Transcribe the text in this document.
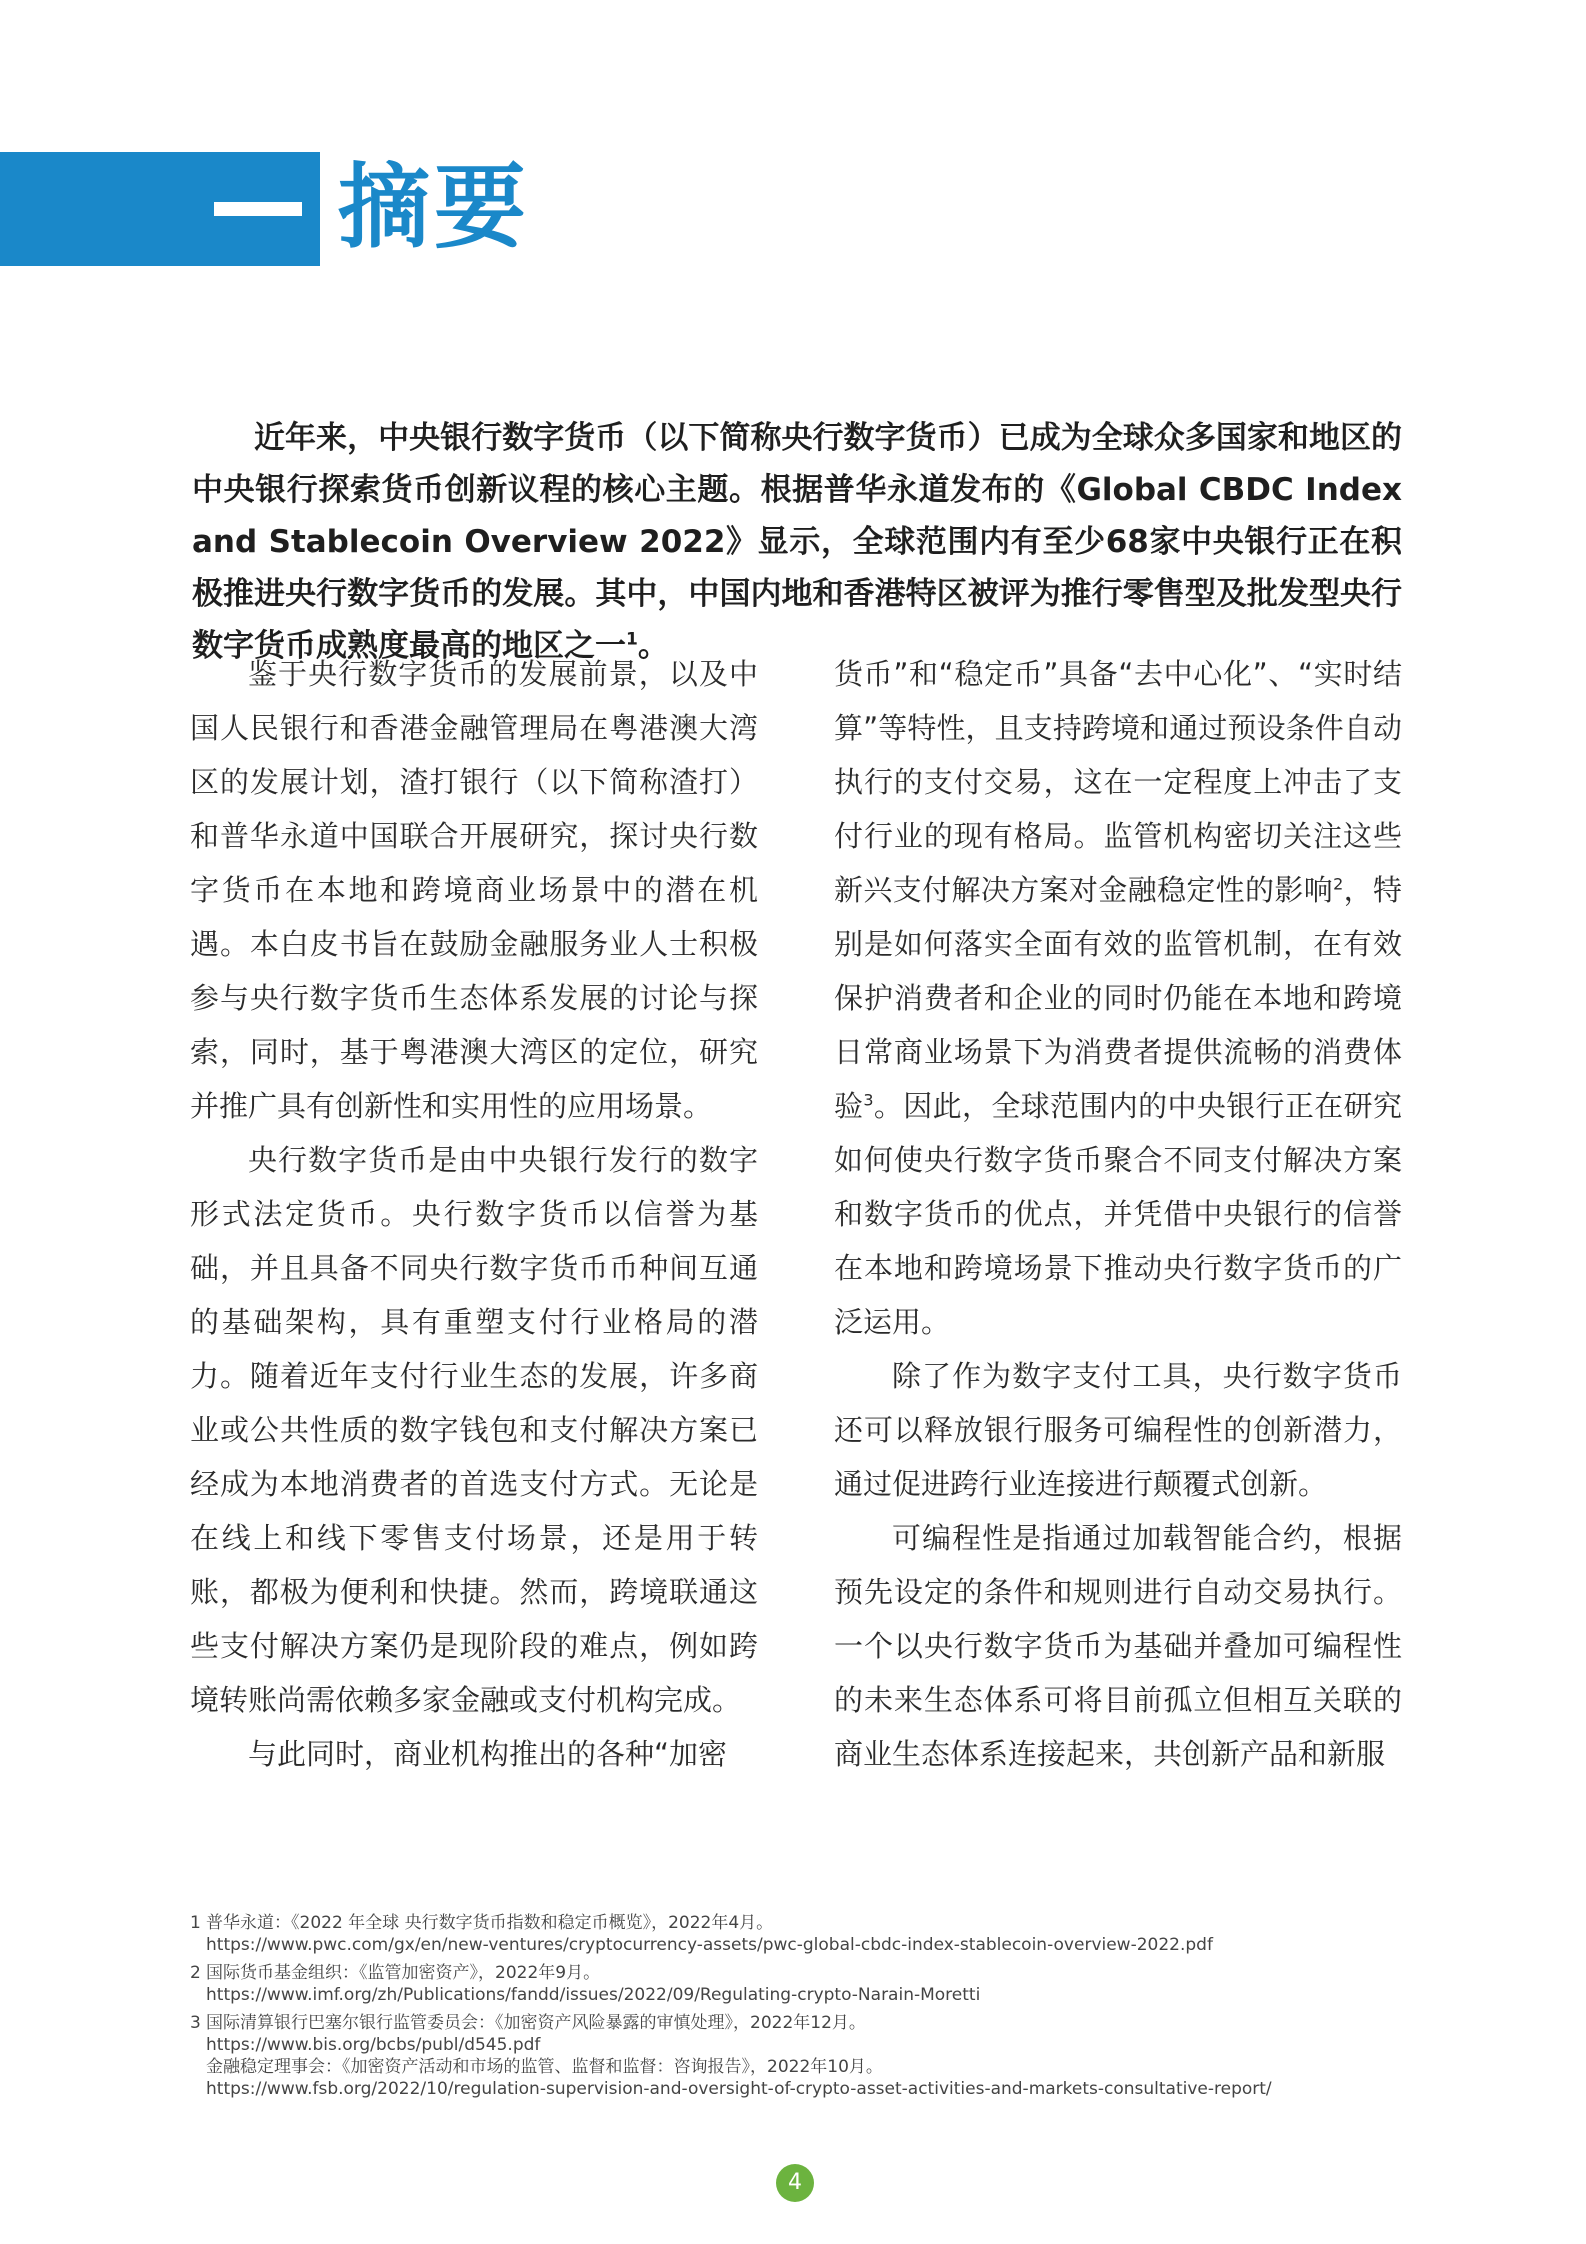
摘要

近年来，中央银行数字货币（以下简称央行数字货币）已成为全球众多国家和地区的中央银行探索货币创新议程的核心主题。根据普华永道发布的《Global CBDC Index and Stablecoin Overview 2022》显示，全球范围内有至少68家中央银行正在积极推进央行数字货币的发展。其中，中国内地和香港特区被评为推行零售型及批发型央行数字货币成熟度最高的地区之一$^1$。

鉴于央行数字货币的发展前景，以及中国人民银行和香港金融管理局在粤港澳大湾区的发展计划，渣打银行（以下简称渣打）和普华永道中国联合开展研究，探讨央行数字货币在本地和跨境商业场景中的潜在机遇。本白皮书旨在鼓励金融服务业人士积极参与央行数字货币生态体系发展的讨论与探索，同时，基于粤港澳大湾区的定位，研究并推广具有创新性和实用性的应用场景。

央行数字货币是由中央银行发行的数字形式法定货币。央行数字货币以信誉为基础，并且具备不同央行数字货币币种间互通的基础架构，具有重塑支付行业格局的潜力。随着近年支付行业生态的发展，许多商业或公共性质的数字钱包和支付解决方案已经成为本地消费者的首选支付方式。无论是在线上和线下零售支付场景，还是用于转账，都极为便利和快捷。然而，跨境联通这些支付解决方案仍是现阶段的难点，例如跨境转账尚需依赖多家金融或支付机构完成。

与此同时，商业机构推出的各种“加密

货币”和“稳定币”具备“去中心化”、“实时结算”等特性，且支持跨境和通过预设条件自动执行的支付交易，这在一定程度上冲击了支付行业的现有格局。监管机构密切关注这些新兴支付解决方案对金融稳定性的影响$^2$，特别是如何落实全面有效的监管机制，在有效保护消费者和企业的同时仍能在本地和跨境日常商业场景下为消费者提供流畅的消费体验$^3$。因此，全球范围内的中央银行正在研究如何使央行数字货币聚合不同支付解决方案和数字货币的优点，并凭借中央银行的信誉在本地和跨境场景下推动央行数字货币的广泛运用。

除了作为数字支付工具，央行数字货币还可以释放银行服务可编程性的创新潜力，通过促进跨行业连接进行颠覆式创新。

可编程性是指通过加载智能合约，根据预先设定的条件和规则进行自动交易执行。一个以央行数字货币为基础并叠加可编程性的未来生态体系可将目前孤立但相互关联的商业生态体系连接起来，共创新产品和新服

1 普华永道：《2022 年全球 央行数字货币指数和稳定币概览》，2022年4月。
https://www.pwc.com/gx/en/new-ventures/cryptocurrency-assets/pwc-global-cbdc-index-stablecoin-overview-2022.pdf
2 国际货币基金组织：《监管加密资产》，2022年9月。
https://www.imf.org/zh/Publications/fandd/issues/2022/09/Regulating-crypto-Narain-Moretti
3 国际清算银行巴塞尔银行监管委员会：《加密资产风险暴露的审慎处理》，2022年12月。
https://www.bis.org/bcbs/publ/d545.pdf
金融稳定理事会：《加密资产活动和市场的监管、监督和监督：咨询报告》，2022年10月。
https://www.fsb.org/2022/10/regulation-supervision-and-oversight-of-crypto-asset-activities-and-markets-consultative-report/
4
